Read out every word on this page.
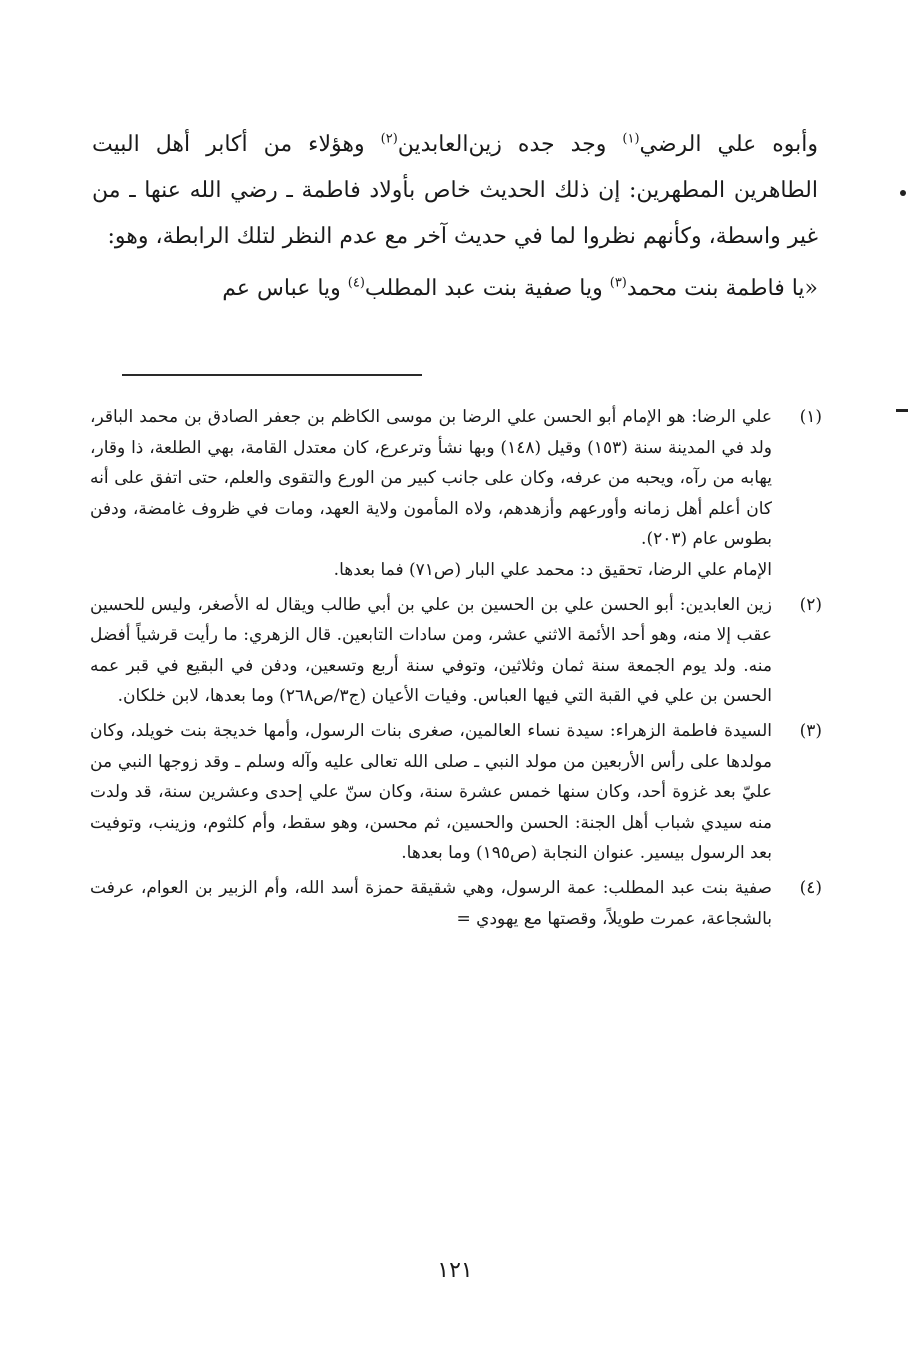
وأبوه علي الرضي$^{(١)}$ وجد جده زين‌العابدين$^{(٢)}$ وهؤلاء من أكابر أهل البيت الطاهرين المطهرين: إن ذلك الحديث خاص بأولاد فاطمة ـ رضي الله عنها ـ من غير واسطة، وكأنهم نظروا لما في حديث آخر مع عدم النظر لتلك الرابطة، وهو:

«يا فاطمة بنت محمد$^{(٣)}$ ويا صفية بنت عبد المطلب$^{(٤)}$ ويا عباس عم

(١)

علي الرضا: هو الإمام أبو الحسن علي الرضا بن موسى الكاظم بن جعفر الصادق بن محمد الباقر، ولد في المدينة سنة (١٥٣) وقيل (١٤٨) وبها نشأ وترعرع، كان معتدل القامة، بهي الطلعة، ذا وقار، يهابه من رآه، ويحبه من عرفه، وكان على جانب كبير من الورع والتقوى والعلم، حتى اتفق على أنه كان أعلم أهل زمانه وأورعهم وأزهدهم، ولاه المأمون ولاية العهد، ومات في ظروف غامضة، ودفن بطوس عام (٢٠٣).

الإمام علي الرضا، تحقيق د: محمد علي البار (ص٧١) فما بعدها.

(٢)

زين العابدين: أبو الحسن علي بن الحسين بن علي بن أبي طالب ويقال له الأصغر، وليس للحسين عقب إلا منه، وهو أحد الأئمة الاثني عشر، ومن سادات التابعين. قال الزهري: ما رأيت قرشياً أفضل منه. ولد يوم الجمعة سنة ثمان وثلاثين، وتوفي سنة أربع وتسعين، ودفن في البقيع في قبر عمه الحسن بن علي في القبة التي فيها العباس. وفيات الأعيان (ج٣/ص٢٦٨) وما بعدها، لابن خلكان.

(٣)

السيدة فاطمة الزهراء: سيدة نساء العالمين، صغرى بنات الرسول، وأمها خديجة بنت خويلد، وكان مولدها على رأس الأربعين من مولد النبي ـ صلى الله تعالى عليه وآله وسلم ـ وقد زوجها النبي من عليّ بعد غزوة أحد، وكان سنها خمس عشرة سنة، وكان سنّ علي إحدى وعشرين سنة، قد ولدت منه سيدي شباب أهل الجنة: الحسن والحسين، ثم محسن، وهو سقط، وأم كلثوم، وزينب، وتوفيت بعد الرسول بيسير. عنوان النجابة (ص١٩٥) وما بعدها.

(٤)

صفية بنت عبد المطلب: عمة الرسول، وهي شقيقة حمزة أسد الله، وأم الزبير بن العوام، عرفت بالشجاعة، عمرت طويلاً، وقصتها مع يهودي =

١٢١
